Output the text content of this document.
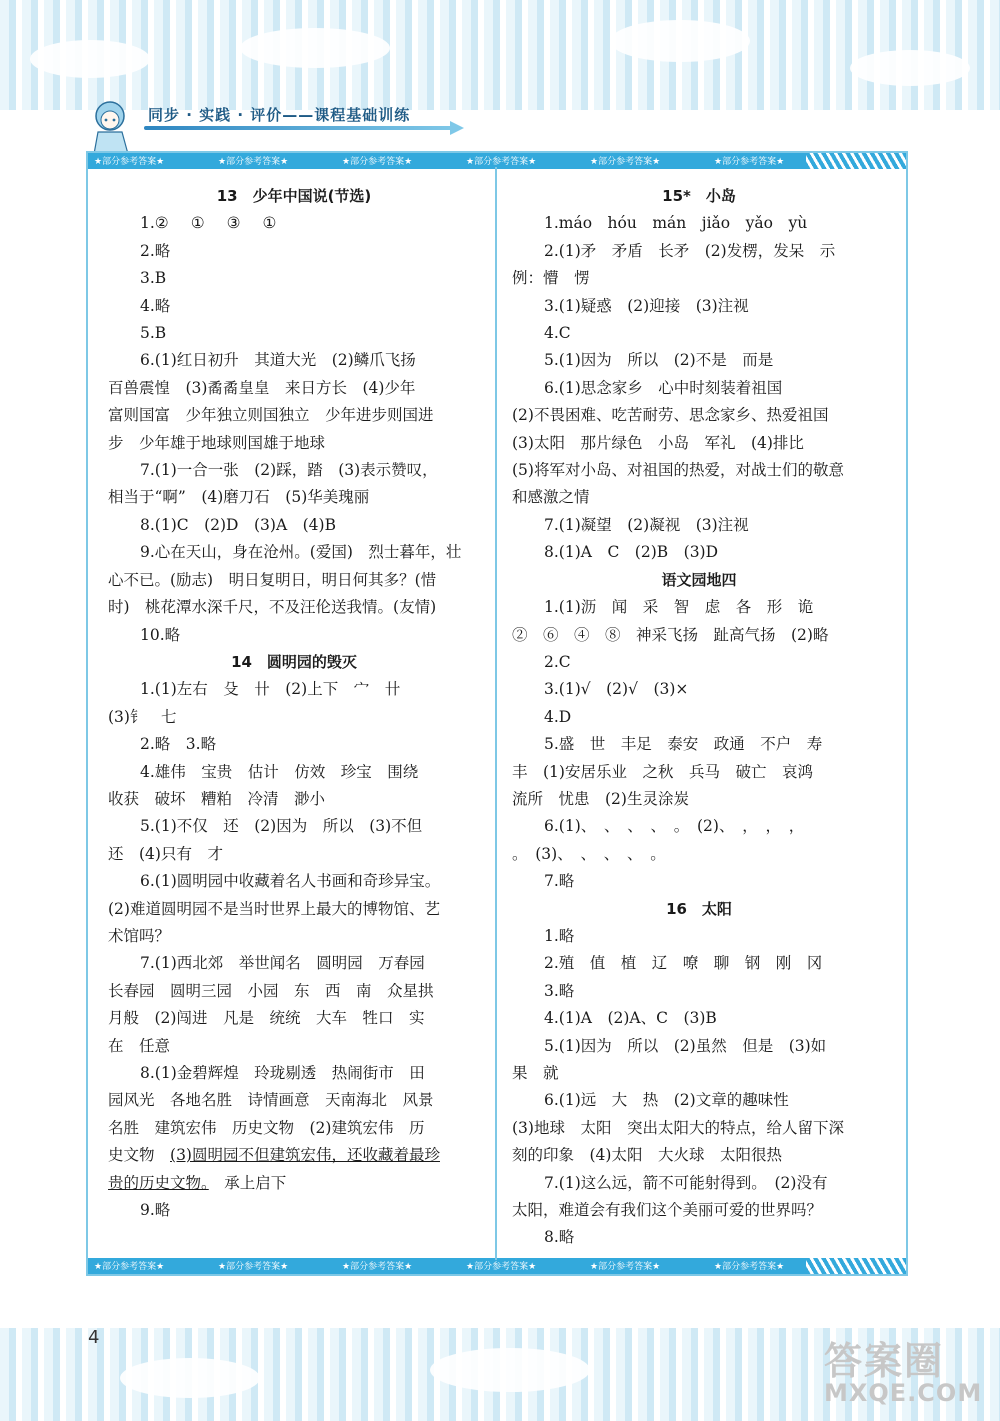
同步 · 实践 · 评价——课程基础训练
★部分参考答案★	★部分参考答案★	★部分参考答案★	★部分参考答案★	★部分参考答案★	★部分参考答案★
★部分参考答案★	★部分参考答案★	★部分参考答案★	★部分参考答案★	★部分参考答案★	★部分参考答案★
13　少年中国说(节选)
1.② ① ③ ①
2.略
3.B
4.略
5.B
6.(1)红日初升　其道大光　(2)鳞爪飞扬
百兽震惶　(3)矞矞皇皇　来日方长　(4)少年
富则国富　少年独立则国独立　少年进步则国进
步　少年雄于地球则国雄于地球
7.(1)一合一张　(2)踩，踏　(3)表示赞叹，
相当于“啊”　(4)磨刀石　(5)华美瑰丽
8.(1)C　(2)D　(3)A　(4)B
9.心在天山，身在沧州。(爱国)　烈士暮年，壮
心不已。(励志)　明日复明日，明日何其多？(惜
时)　桃花潭水深千尺，不及汪伦送我情。(友情)
10.略
14　圆明园的毁灭
1.(1)左右　殳　卄　(2)上下　宀　卄
(3)钅　七
2.略　3.略
4.雄伟　宝贵　估计　仿效　珍宝　围绕
收获　破坏　糟粕　冷清　渺小
5.(1)不仅　还　(2)因为　所以　(3)不但
还　(4)只有　才
6.(1)圆明园中收藏着名人书画和奇珍异宝。
(2)难道圆明园不是当时世界上最大的博物馆、艺
术馆吗？
7.(1)西北郊　举世闻名　圆明园　万春园
长春园　圆明三园　小园　东　西　南　众星拱
月般　(2)闯进　凡是　统统　大车　牲口　实
在　任意
8.(1)金碧辉煌　玲珑剔透　热闹街市　田
园风光　各地名胜　诗情画意　天南海北　风景
名胜　建筑宏伟　历史文物　(2)建筑宏伟　历
史文物　(3)圆明园不但建筑宏伟，还收藏着最珍
贵的历史文物。　承上启下
9.略
15*　小岛
1.máo　hóu　mán　jiǎo　yǎo　yù
2.(1)矛　矛盾　长矛　(2)发楞，发呆　示
例：懵　愣
3.(1)疑惑　(2)迎接　(3)注视
4.C
5.(1)因为　所以　(2)不是　而是
6.(1)思念家乡　心中时刻装着祖国
(2)不畏困难、吃苦耐劳、思念家乡、热爱祖国
(3)太阳　那片绿色　小岛　军礼　(4)排比
(5)将军对小岛、对祖国的热爱，对战士们的敬意
和感激之情
7.(1)凝望　(2)凝视　(3)注视
8.(1)A　C　(2)B　(3)D
语文园地四
1.(1)沥　闻　采　智　虑　各　形　诡
②　⑥　④　⑧　神采飞扬　趾高气扬　(2)略
2.C
3.(1)√　(2)√　(3)×
4.D
5.盛　世　丰足　泰安　政通　不户　寿
丰　(1)安居乐业　之秋　兵马　破亡　哀鸿
流所　忧患　(2)生灵涂炭
6.(1)、　、　、　、　。　(2)、　，　，　，
。　(3)、　、　、　、　。
7.略
16　太阳
1.略
2.殖　值　植　辽　嘹　聊　钢　刚　冈
3.略
4.(1)A　(2)A、C　(3)B
5.(1)因为　所以　(2)虽然　但是　(3)如
果　就
6.(1)远　大　热　(2)文章的趣味性
(3)地球　太阳　突出太阳大的特点，给人留下深
刻的印象　(4)太阳　大火球　太阳很热
7.(1)这么远，箭不可能射得到。　(2)没有
太阳，难道会有我们这个美丽可爱的世界吗？
8.略
4
答案圈
MXQE.COM
